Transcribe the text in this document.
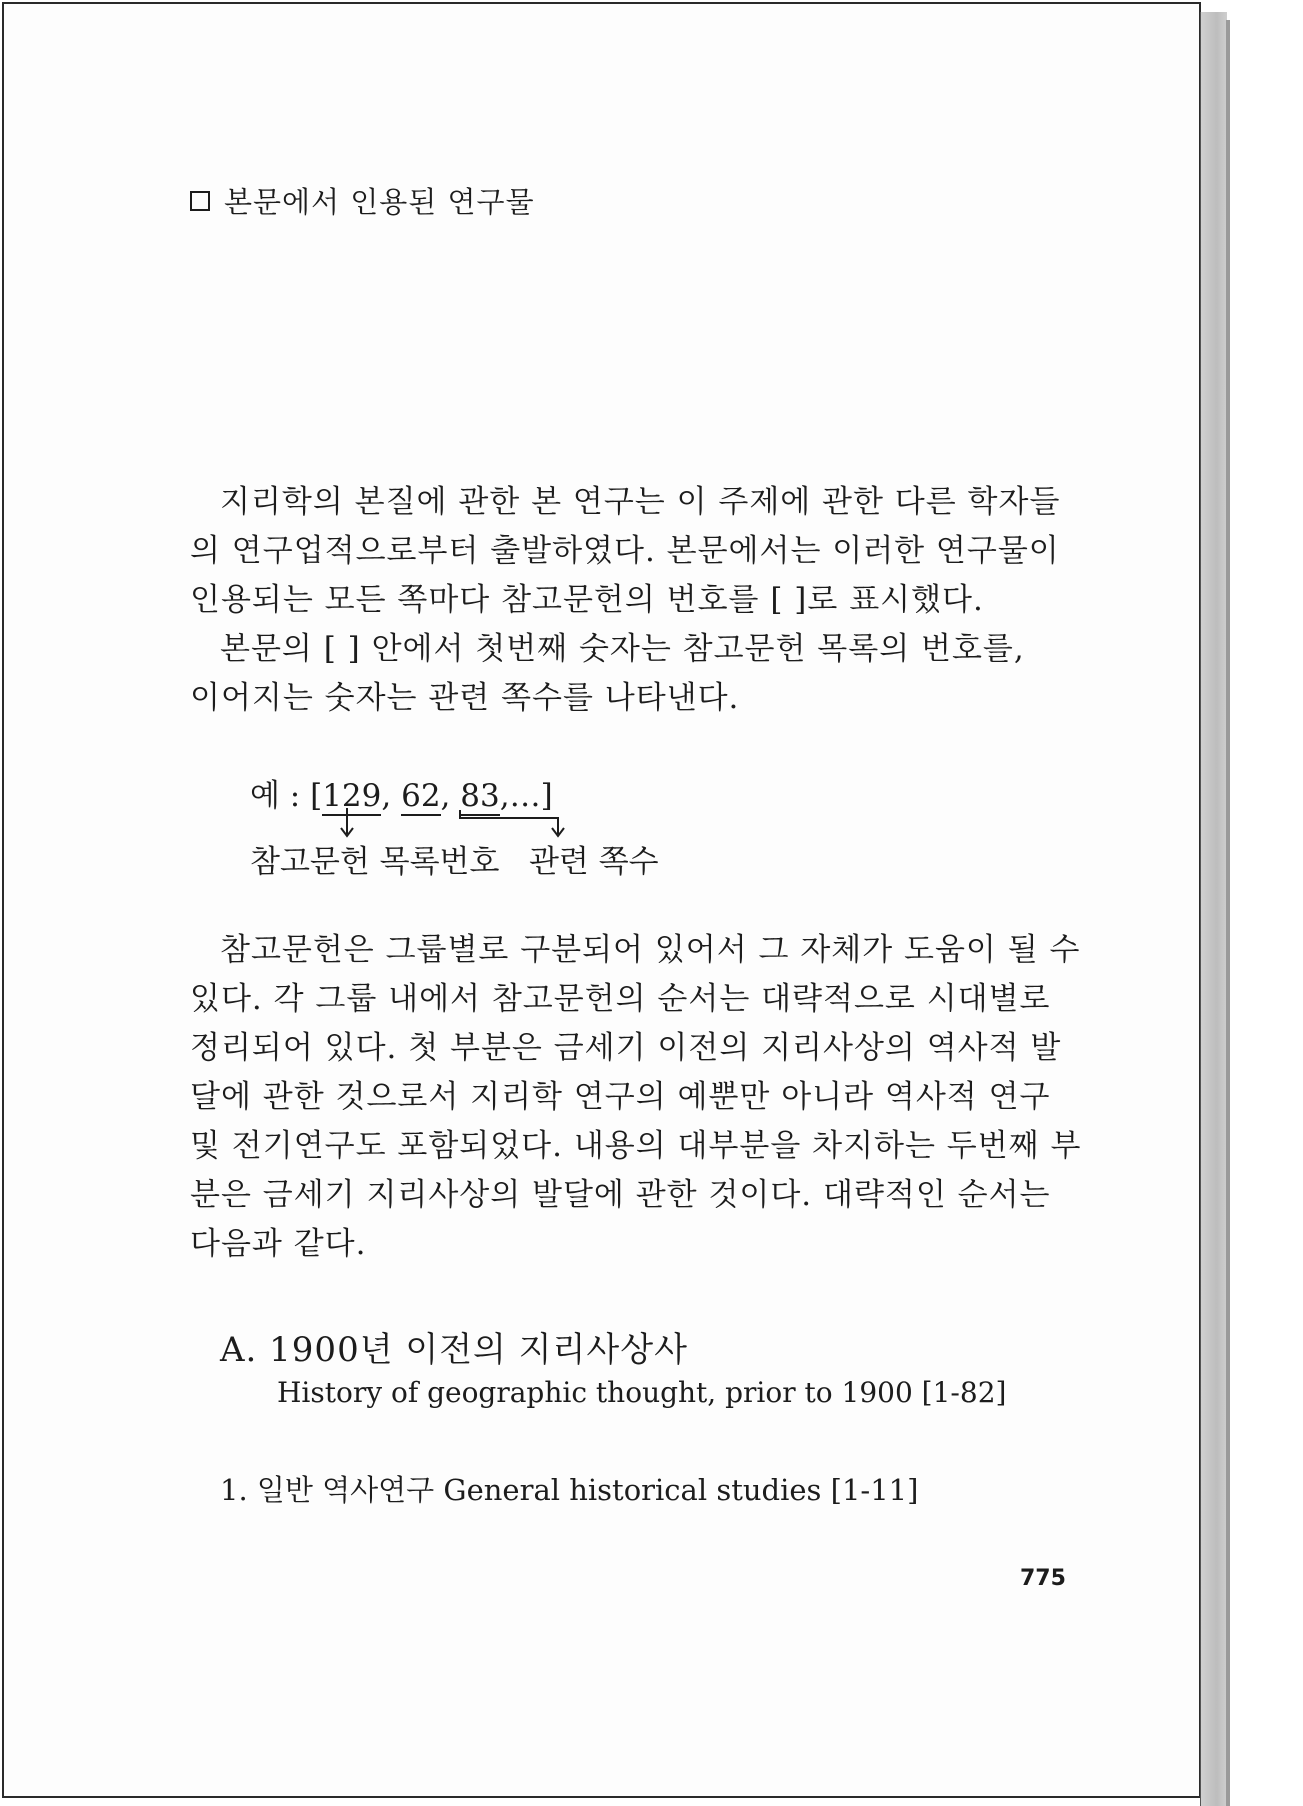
본문에서 인용된 연구물
지리학의 본질에 관한 본 연구는 이 주제에 관한 다른 학자들
의 연구업적으로부터 출발하였다. 본문에서는 이러한 연구물이
인용되는 모든 쪽마다 참고문헌의 번호를 [ ]로 표시했다.
본문의 [ ] 안에서 첫번째 숫자는 참고문헌 목록의 번호를,
이어지는 숫자는 관련 쪽수를 나타낸다.
예 : [129, 62, 83,…]
참고문헌 목록번호 관련 쪽수
참고문헌은 그룹별로 구분되어 있어서 그 자체가 도움이 될 수
있다. 각 그룹 내에서 참고문헌의 순서는 대략적으로 시대별로
정리되어 있다. 첫 부분은 금세기 이전의 지리사상의 역사적 발
달에 관한 것으로서 지리학 연구의 예뿐만 아니라 역사적 연구
및 전기연구도 포함되었다. 내용의 대부분을 차지하는 두번째 부
분은 금세기 지리사상의 발달에 관한 것이다. 대략적인 순서는
다음과 같다.
A. 1900년 이전의 지리사상사
History of geographic thought, prior to 1900 [1-82]
1. 일반 역사연구 General historical studies [1-11]
775
